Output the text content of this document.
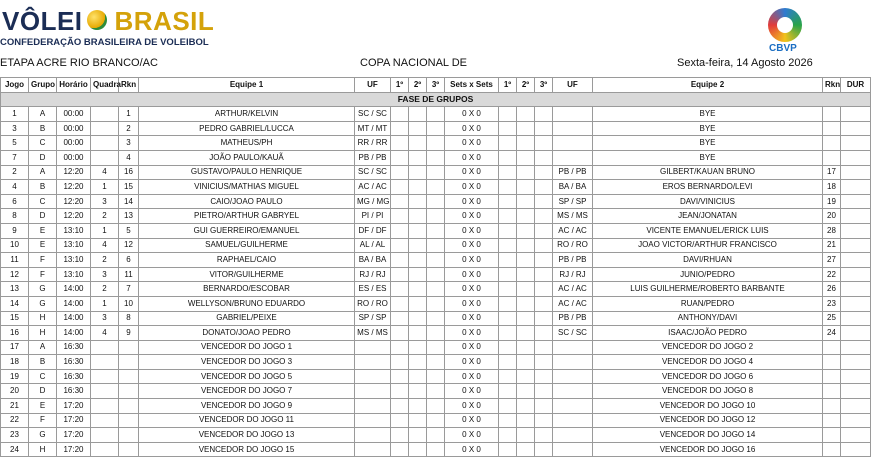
VÔLEI BRASIL
CONFEDERAÇÃO BRASILEIRA DE VOLEIBOL
CBVP
ETAPA ACRE RIO BRANCO/AC	COPA NACIONAL DE	Sexta-feira, 14 Agosto 2026
Jogo	Grupo	Horário	Quadra	Rkn	Equipe 1	UF	1º	2º	3º	Sets x Sets	1º	2º	3º	UF	Equipe 2	Rkn	DUR
FASE DE GRUPOS																	
1	A	00:00		1	ARTHUR/KELVIN	SC / SC				0 X 0					BYE		
3	B	00:00		2	PEDRO GABRIEL/LUCCA	MT / MT				0 X 0					BYE		
5	C	00:00		3	MATHEUS/PH	RR / RR				0 X 0					BYE		
7	D	00:00		4	JOÃO PAULO/KAUÃ	PB / PB				0 X 0					BYE		
2	A	12:20	4	16	GUSTAVO/PAULO HENRIQUE	SC / SC				0 X 0				PB / PB	GILBERT/KAUAN BRUNO	17	
4	B	12:20	1	15	VINICIUS/MATHIAS MIGUEL	AC / AC				0 X 0				BA / BA	EROS BERNARDO/LEVI	18	
6	C	12:20	3	14	CAIO/JOAO PAULO	MG / MG				0 X 0				SP / SP	DAVI/VINICIUS	19	
8	D	12:20	2	13	PIETRO/ARTHUR GABRYEL	PI / PI				0 X 0				MS / MS	JEAN/JONATAN	20	
9	E	13:10	1	5	GUI GUERREIRO/EMANUEL	DF / DF				0 X 0				AC / AC	VICENTE EMANUEL/ERICK LUIS	28	
10	E	13:10	4	12	SAMUEL/GUILHERME	AL / AL				0 X 0				RO / RO	JOAO VICTOR/ARTHUR FRANCISCO	21	
11	F	13:10	2	6	RAPHAEL/CAIO	BA / BA				0 X 0				PB / PB	DAVI/RHUAN	27	
12	F	13:10	3	11	VITOR/GUILHERME	RJ / RJ				0 X 0				RJ / RJ	JUNIO/PEDRO	22	
13	G	14:00	2	7	BERNARDO/ESCOBAR	ES / ES				0 X 0				AC / AC	LUIS GUILHERME/ROBERTO BARBANTE	26	
14	G	14:00	1	10	WELLYSON/BRUNO EDUARDO	RO / RO				0 X 0				AC / AC	RUAN/PEDRO	23	
15	H	14:00	3	8	GABRIEL/PEIXE	SP / SP				0 X 0				PB / PB	ANTHONY/DAVI	25	
16	H	14:00	4	9	DONATO/JOAO PEDRO	MS / MS				0 X 0				SC / SC	ISAAC/JOÃO PEDRO	24	
17	A	16:30			VENCEDOR DO JOGO 1					0 X 0					VENCEDOR DO JOGO 2		
18	B	16:30			VENCEDOR DO JOGO 3					0 X 0					VENCEDOR DO JOGO 4		
19	C	16:30			VENCEDOR DO JOGO 5					0 X 0					VENCEDOR DO JOGO 6		
20	D	16:30			VENCEDOR DO JOGO 7					0 X 0					VENCEDOR DO JOGO 8		
21	E	17:20			VENCEDOR DO JOGO 9					0 X 0					VENCEDOR DO JOGO 10		
22	F	17:20			VENCEDOR DO JOGO 11					0 X 0					VENCEDOR DO JOGO 12		
23	G	17:20			VENCEDOR DO JOGO 13					0 X 0					VENCEDOR DO JOGO 14		
24	H	17:20			VENCEDOR DO JOGO 15					0 X 0					VENCEDOR DO JOGO 16		
